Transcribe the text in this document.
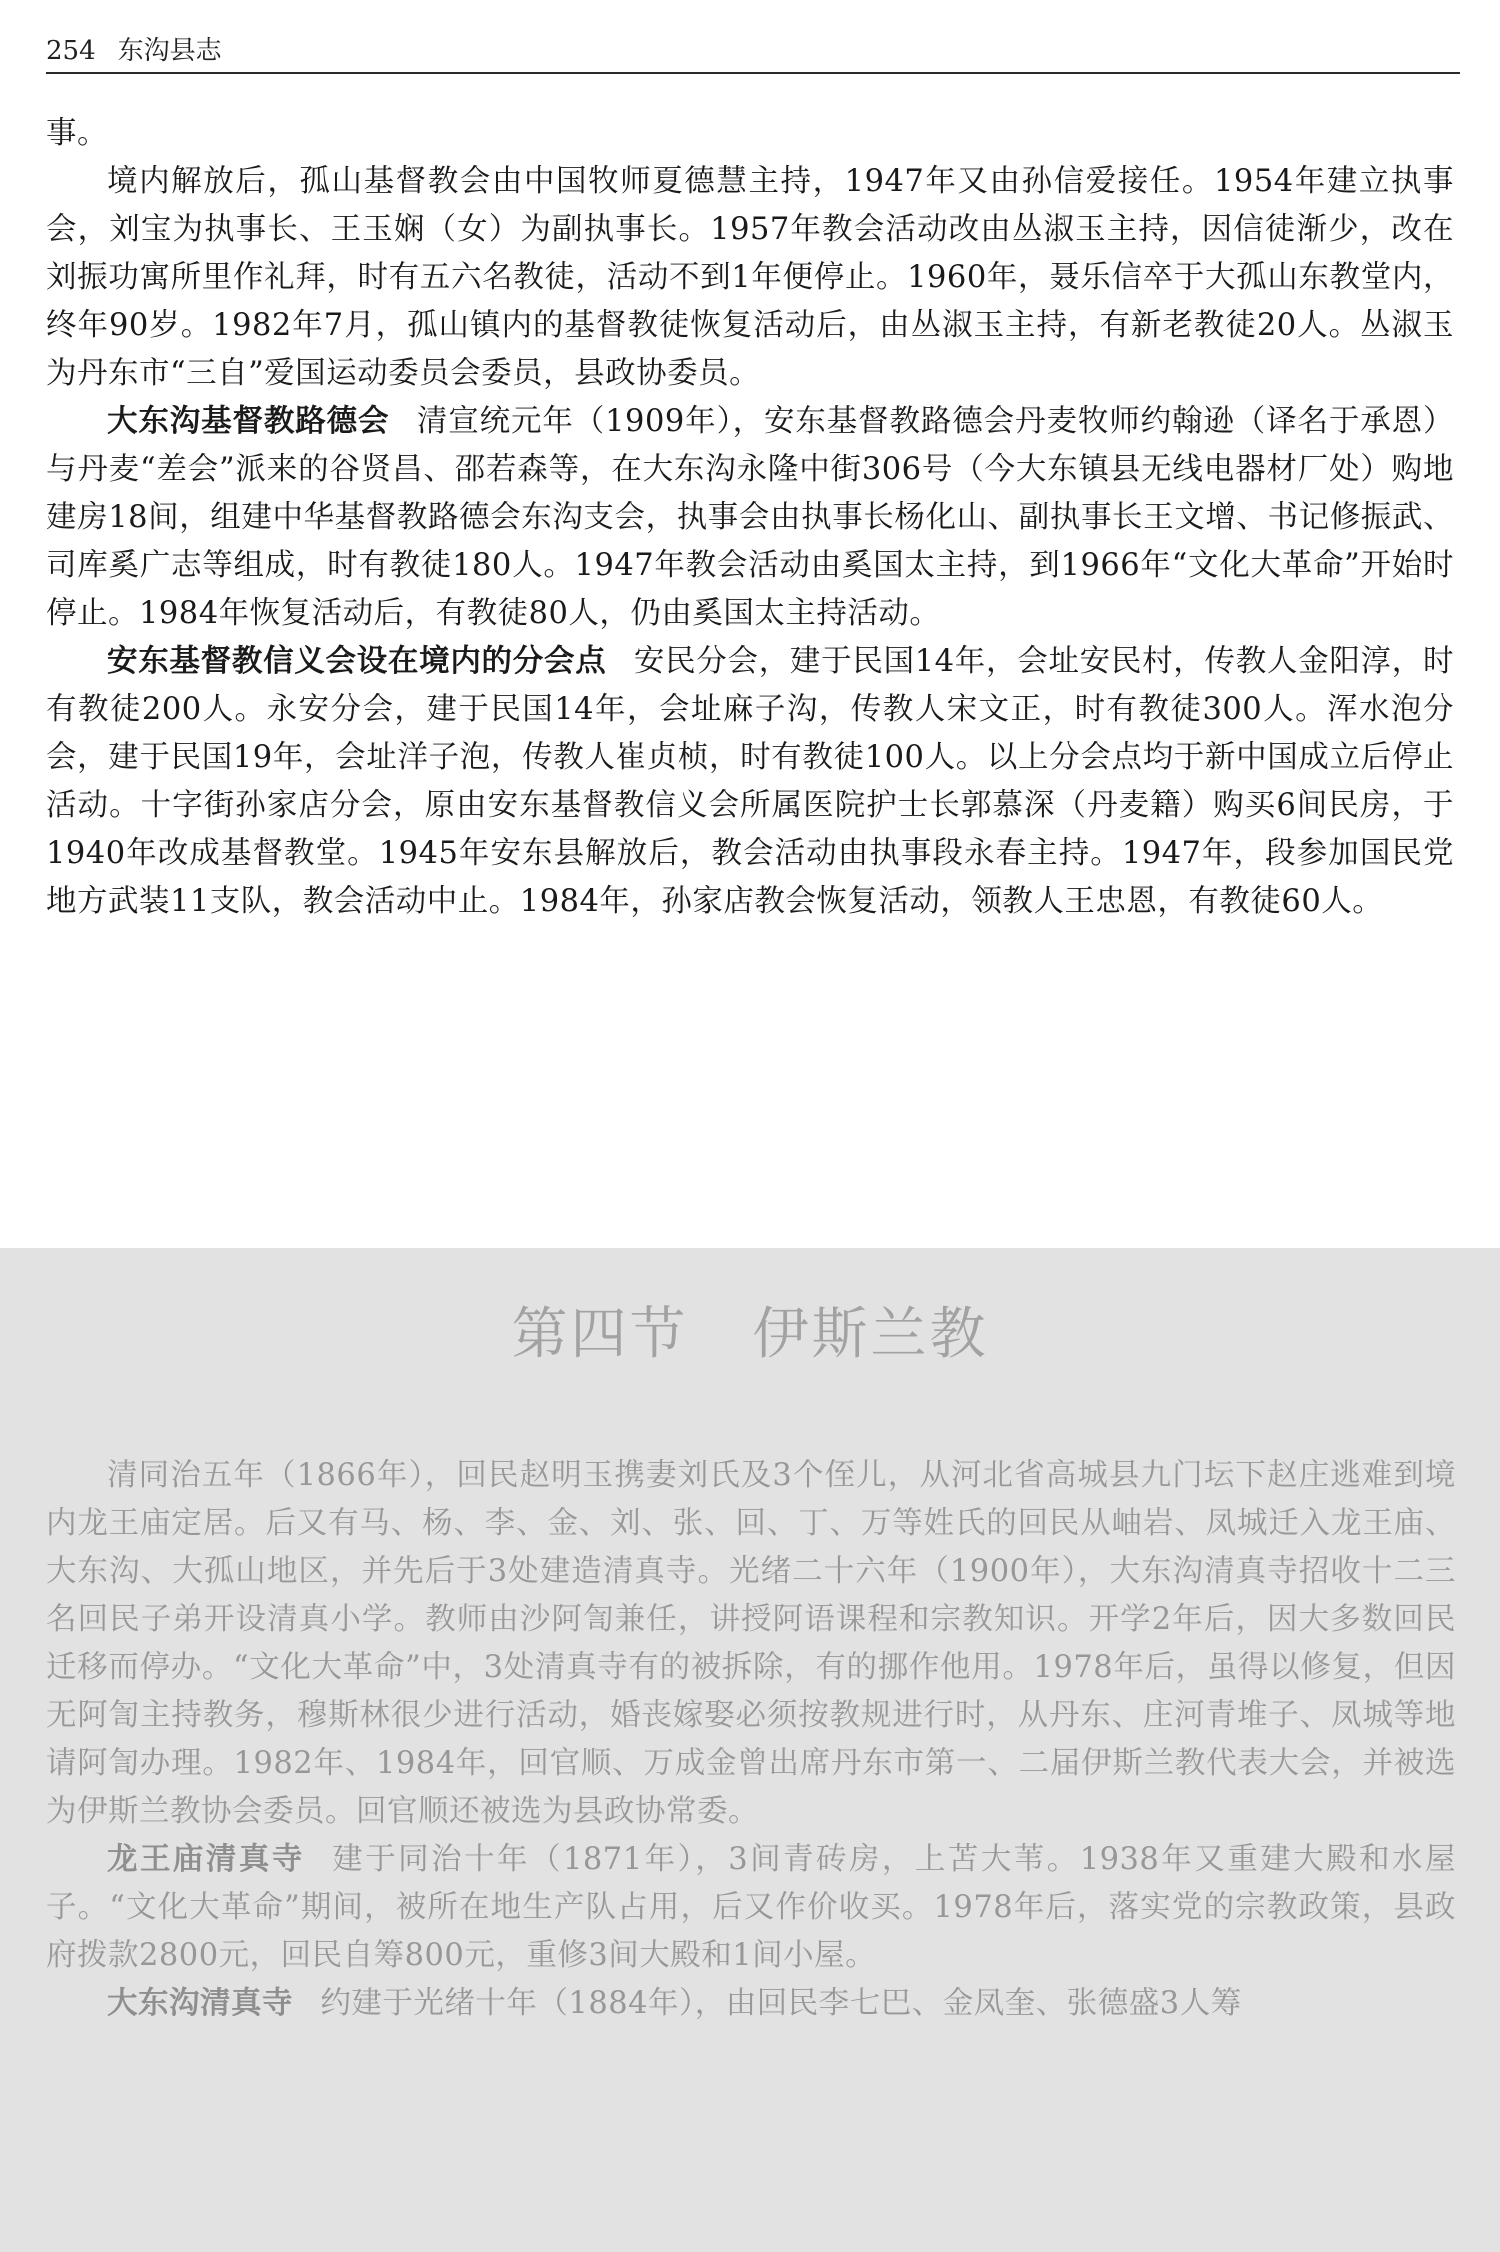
254 东沟县志

事。

境内解放后，孤山基督教会由中国牧师夏德慧主持，1947年又由孙信爱接任。1954年建立执事会，刘宝为执事长、王玉娴（女）为副执事长。1957年教会活动改由丛淑玉主持，因信徒渐少，改在刘振功寓所里作礼拜，时有五六名教徒，活动不到1年便停止。1960年，聂乐信卒于大孤山东教堂内，终年90岁。1982年7月，孤山镇内的基督教徒恢复活动后，由丛淑玉主持，有新老教徒20人。丛淑玉为丹东市“三自”爱国运动委员会委员，县政协委员。

大东沟基督教路德会 清宣统元年（1909年），安东基督教路德会丹麦牧师约翰逊（译名于承恩）与丹麦“差会”派来的谷贤昌、邵若森等，在大东沟永隆中街306号（今大东镇县无线电器材厂处）购地建房18间，组建中华基督教路德会东沟支会，执事会由执事长杨化山、副执事长王文增、书记修振武、司库奚广志等组成，时有教徒180人。1947年教会活动由奚国太主持，到1966年“文化大革命”开始时停止。1984年恢复活动后，有教徒80人，仍由奚国太主持活动。

安东基督教信义会设在境内的分会点 安民分会，建于民国14年，会址安民村，传教人金阳淳，时有教徒200人。永安分会，建于民国14年，会址麻子沟，传教人宋文正，时有教徒300人。浑水泡分会，建于民国19年，会址洋子泡，传教人崔贞桢，时有教徒100人。以上分会点均于新中国成立后停止活动。十字街孙家店分会，原由安东基督教信义会所属医院护士长郭慕深（丹麦籍）购买6间民房，于1940年改成基督教堂。1945年安东县解放后，教会活动由执事段永春主持。1947年，段参加国民党地方武装11支队，教会活动中止。1984年，孙家店教会恢复活动，领教人王忠恩，有教徒60人。

第四节 伊斯兰教

清同治五年（1866年），回民赵明玉携妻刘氏及3个侄儿，从河北省高城县九门坛下赵庄逃难到境内龙王庙定居。后又有马、杨、李、金、刘、张、回、丁、万等姓氏的回民从岫岩、凤城迁入龙王庙、大东沟、大孤山地区，并先后于3处建造清真寺。光绪二十六年（1900年），大东沟清真寺招收十二三名回民子弟开设清真小学。教师由沙阿訇兼任，讲授阿语课程和宗教知识。开学2年后，因大多数回民迁移而停办。“文化大革命”中，3处清真寺有的被拆除，有的挪作他用。1978年后，虽得以修复，但因无阿訇主持教务，穆斯林很少进行活动，婚丧嫁娶必须按教规进行时，从丹东、庄河青堆子、凤城等地请阿訇办理。1982年、1984年，回官顺、万成金曾出席丹东市第一、二届伊斯兰教代表大会，并被选为伊斯兰教协会委员。回官顺还被选为县政协常委。

龙王庙清真寺 建于同治十年（1871年），3间青砖房，上苫大苇。1938年又重建大殿和水屋子。“文化大革命”期间，被所在地生产队占用，后又作价收买。1978年后，落实党的宗教政策，县政府拨款2800元，回民自筹800元，重修3间大殿和1间小屋。

大东沟清真寺 约建于光绪十年（1884年），由回民李七巴、金凤奎、张德盛3人筹
